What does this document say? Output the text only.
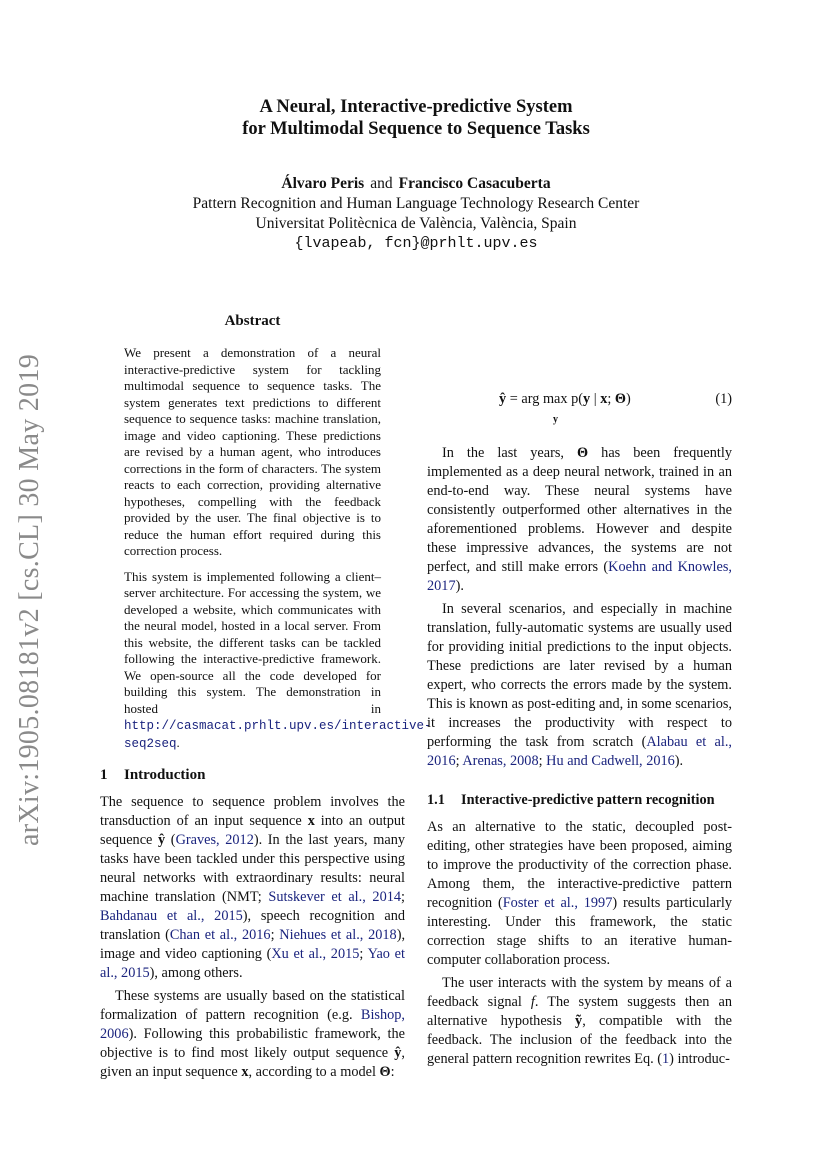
arXiv:1905.08181v2 [cs.CL] 30 May 2019
A Neural, Interactive-predictive System
for Multimodal Sequence to Sequence Tasks
Álvaro Peris and Francisco Casacuberta
Pattern Recognition and Human Language Technology Research Center
Universitat Politècnica de València, València, Spain
{lvapeab, fcn}@prhlt.upv.es
Abstract

We present a demonstration of a neural interactive-predictive system for tackling multimodal sequence to sequence tasks. The system generates text predictions to different sequence to sequence tasks: machine translation, image and video captioning. These predictions are revised by a human agent, who introduces corrections in the form of characters. The system reacts to each correction, providing alternative hypotheses, compelling with the feedback provided by the user. The final objective is to reduce the human effort required during this correction process.

This system is implemented following a client–server architecture. For accessing the system, we developed a website, which communicates with the neural model, hosted in a local server. From this website, the different tasks can be tackled following the interactive-predictive framework. We open-source all the code developed for building this system. The demonstration in hosted in http://casmacat.prhlt.upv.es/interactive-seq2seq.

1 Introduction

The sequence to sequence problem involves the transduction of an input sequence x into an output sequence ŷ (Graves, 2012). In the last years, many tasks have been tackled under this perspective using neural networks with extraordinary results: neural machine translation (NMT; Sutskever et al., 2014; Bahdanau et al., 2015), speech recognition and translation (Chan et al., 2016; Niehues et al., 2018), image and video captioning (Xu et al., 2015; Yao et al., 2015), among others.

These systems are usually based on the statistical formalization of pattern recognition (e.g. Bishop, 2006). Following this probabilistic framework, the objective is to find most likely output sequence ŷ, given an input sequence x, according to a model Θ:

ŷ = arg max p(y | x; Θ)
y
(1)

In the last years, Θ has been frequently implemented as a deep neural network, trained in an end-to-end way. These neural systems have consistently outperformed other alternatives in the aforementioned problems. However and despite these impressive advances, the systems are not perfect, and still make errors (Koehn and Knowles, 2017).

In several scenarios, and especially in machine translation, fully-automatic systems are usually used for providing initial predictions to the input objects. These predictions are later revised by a human expert, who corrects the errors made by the system. This is known as post-editing and, in some scenarios, it increases the productivity with respect to performing the task from scratch (Alabau et al., 2016; Arenas, 2008; Hu and Cadwell, 2016).

1.1 Interactive-predictive pattern recognition

As an alternative to the static, decoupled post-editing, other strategies have been proposed, aiming to improve the productivity of the correction phase. Among them, the interactive-predictive pattern recognition (Foster et al., 1997) results particularly interesting. Under this framework, the static correction stage shifts to an iterative human-computer collaboration process.

The user interacts with the system by means of a feedback signal f. The system suggests then an alternative hypothesis ỹ, compatible with the feedback. The inclusion of the feedback into the general pattern recognition rewrites Eq. (1) introduc-
